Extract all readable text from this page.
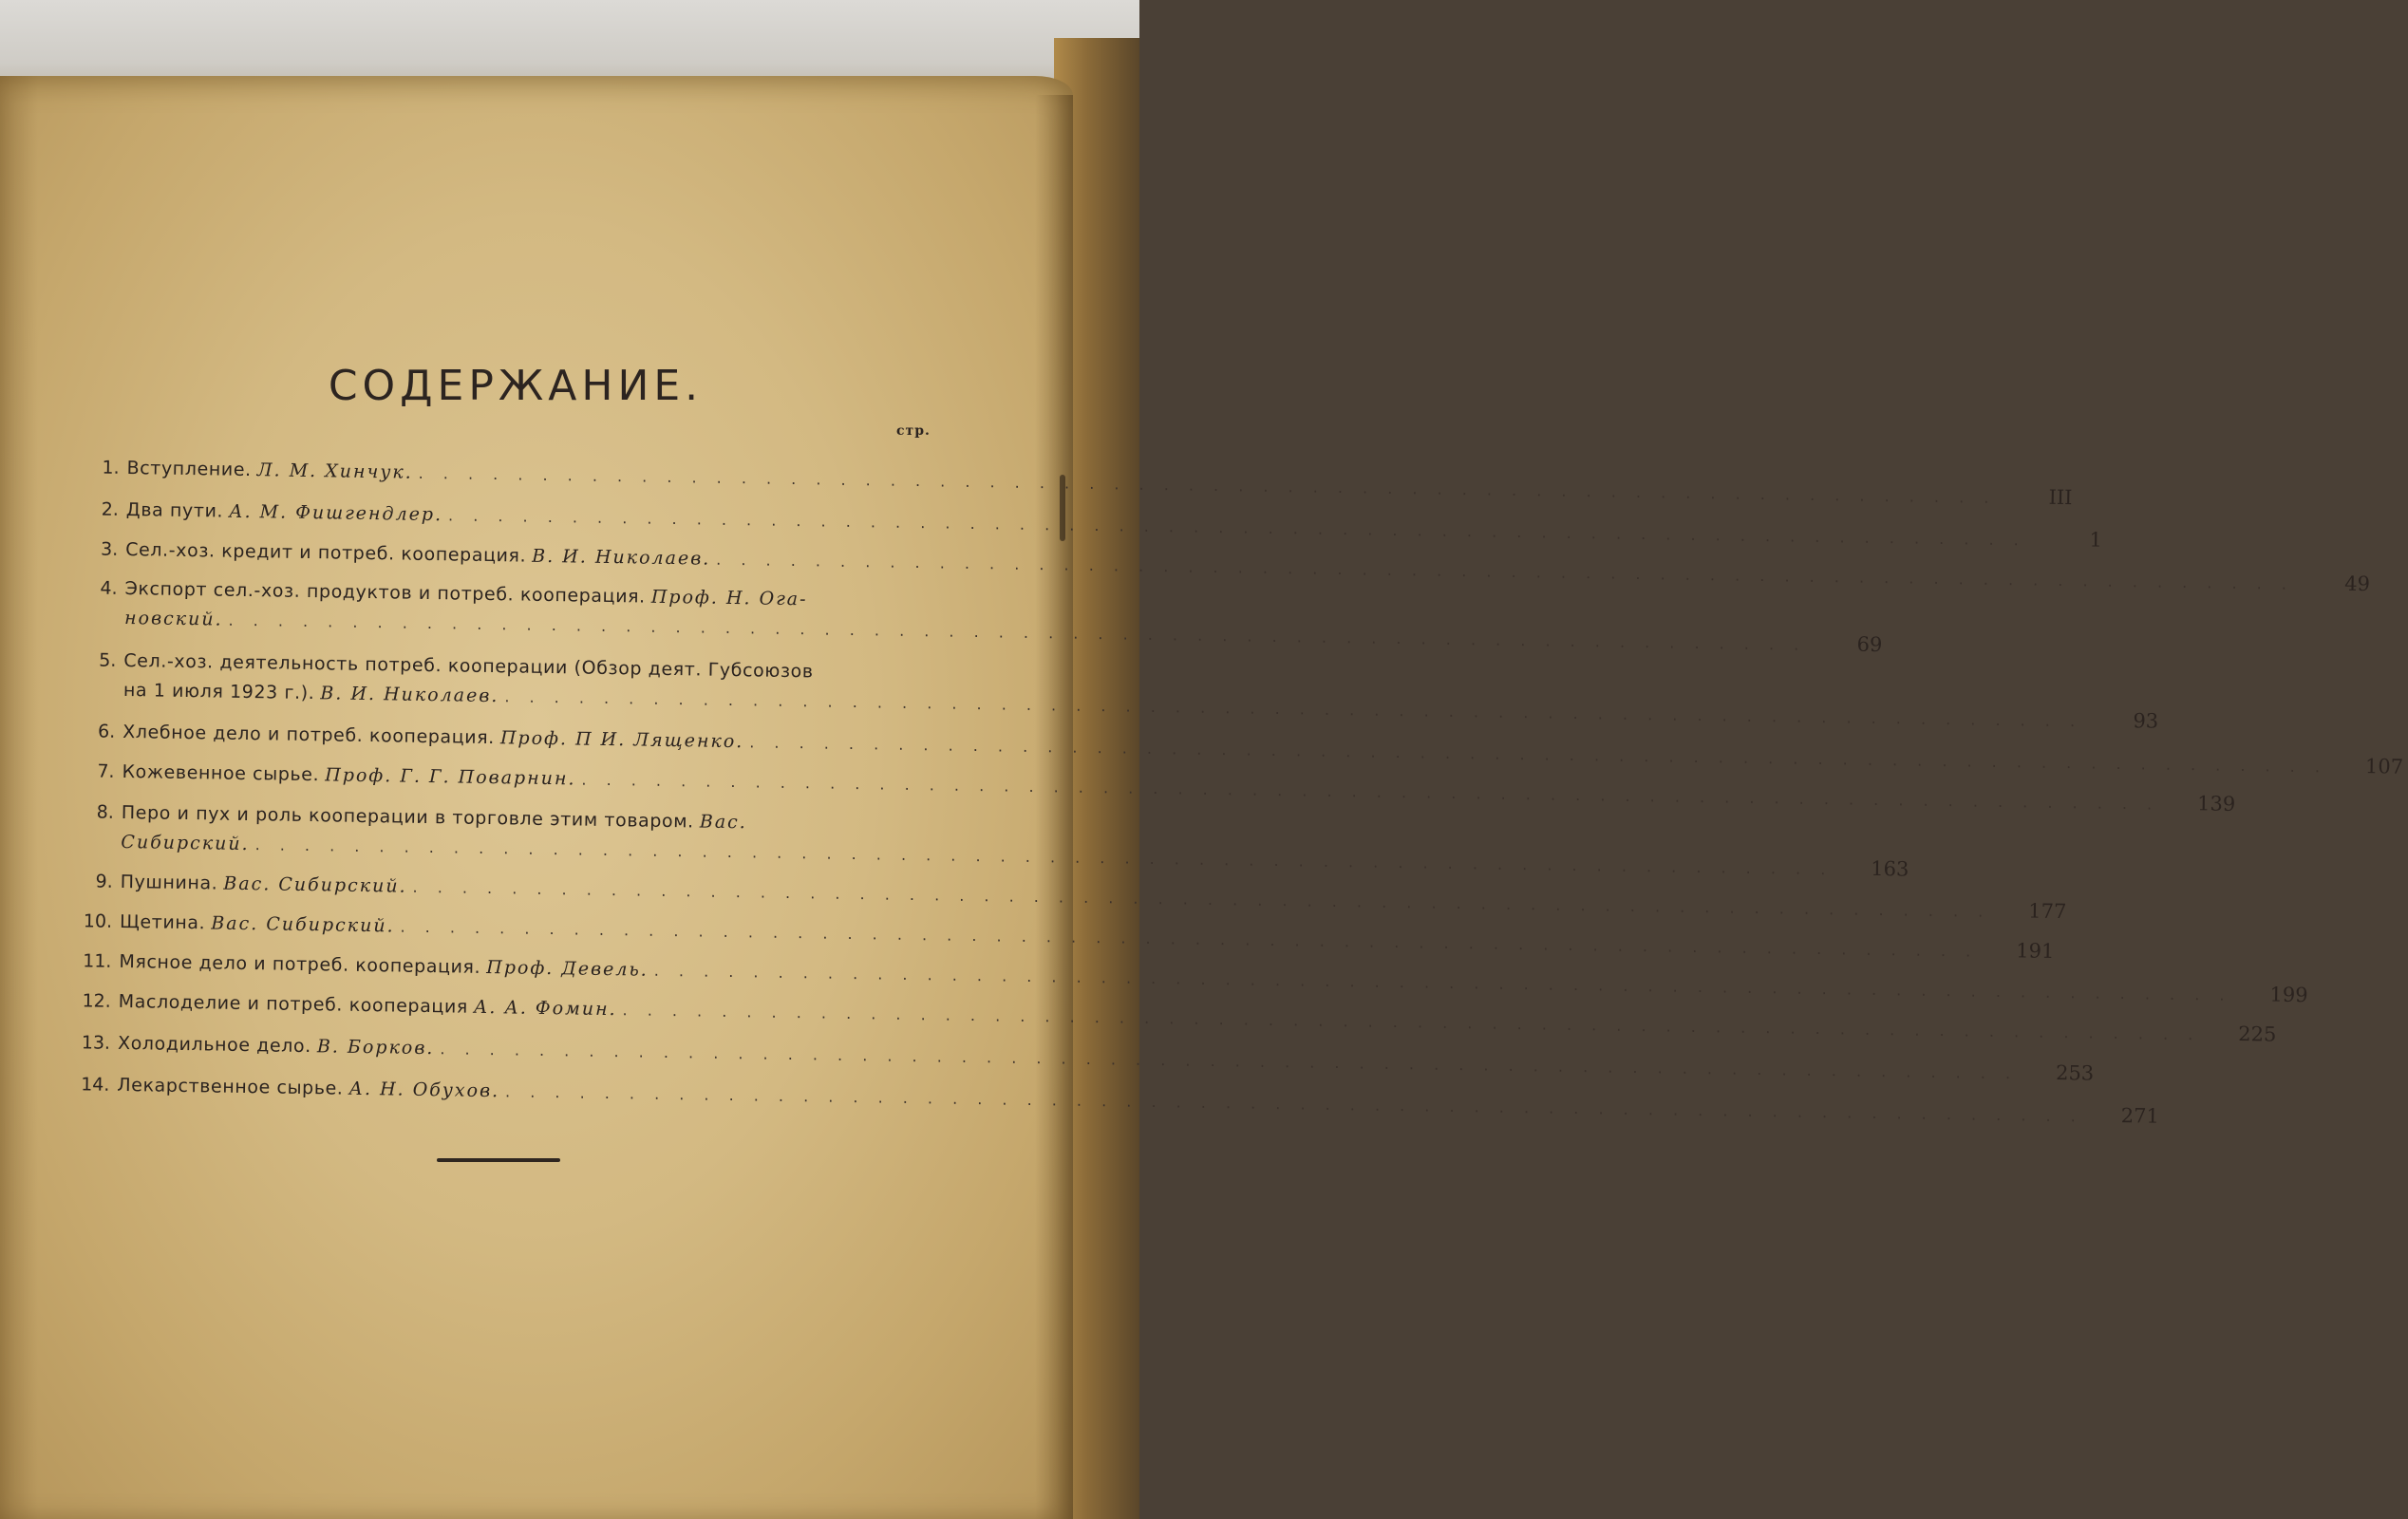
СОДЕРЖАНИЕ.
стр.
1. Вступление. Л. М. Хинчук.
. . .
III
2. Два пути. А. М. Фишгендлер.
. . .
1
3. Сел.-хоз. кредит и потреб. кооперация. В. И. Николаев.
. . .
49
4. Экспорт сел.-хоз. продуктов и потреб. кооперация. Проф. Н. Ога-
новский.
. . .
69
5. Сел.-хоз. деятельность потреб. кооперации (Обзор деят. Губсоюзов
на 1 июля 1923 г.). В. И. Николаев.
. . .
93
6. Хлебное дело и потреб. кооперация. Проф. П И. Лященко.
. . .
107
7. Кожевенное сырье. Проф. Г. Г. Поварнин.
. . .
139
8. Перо и пух и роль кооперации в торговле этим товаром. Вас.
Сибирский.
. . .
163
9. Пушнина. Вас. Сибирский.
. . .
177
10. Щетина. Вас. Сибирский.
. . .
191
11. Мясное дело и потреб. кооперация. Проф. Девель.
. . .
199
12. Маслоделие и потреб. кооперация А. А. Фомин.
. . .
225
13. Холодильное дело. В. Борков.
. . .
253
14. Лекарственное сырье. А. Н. Обухов.
. . .
271
